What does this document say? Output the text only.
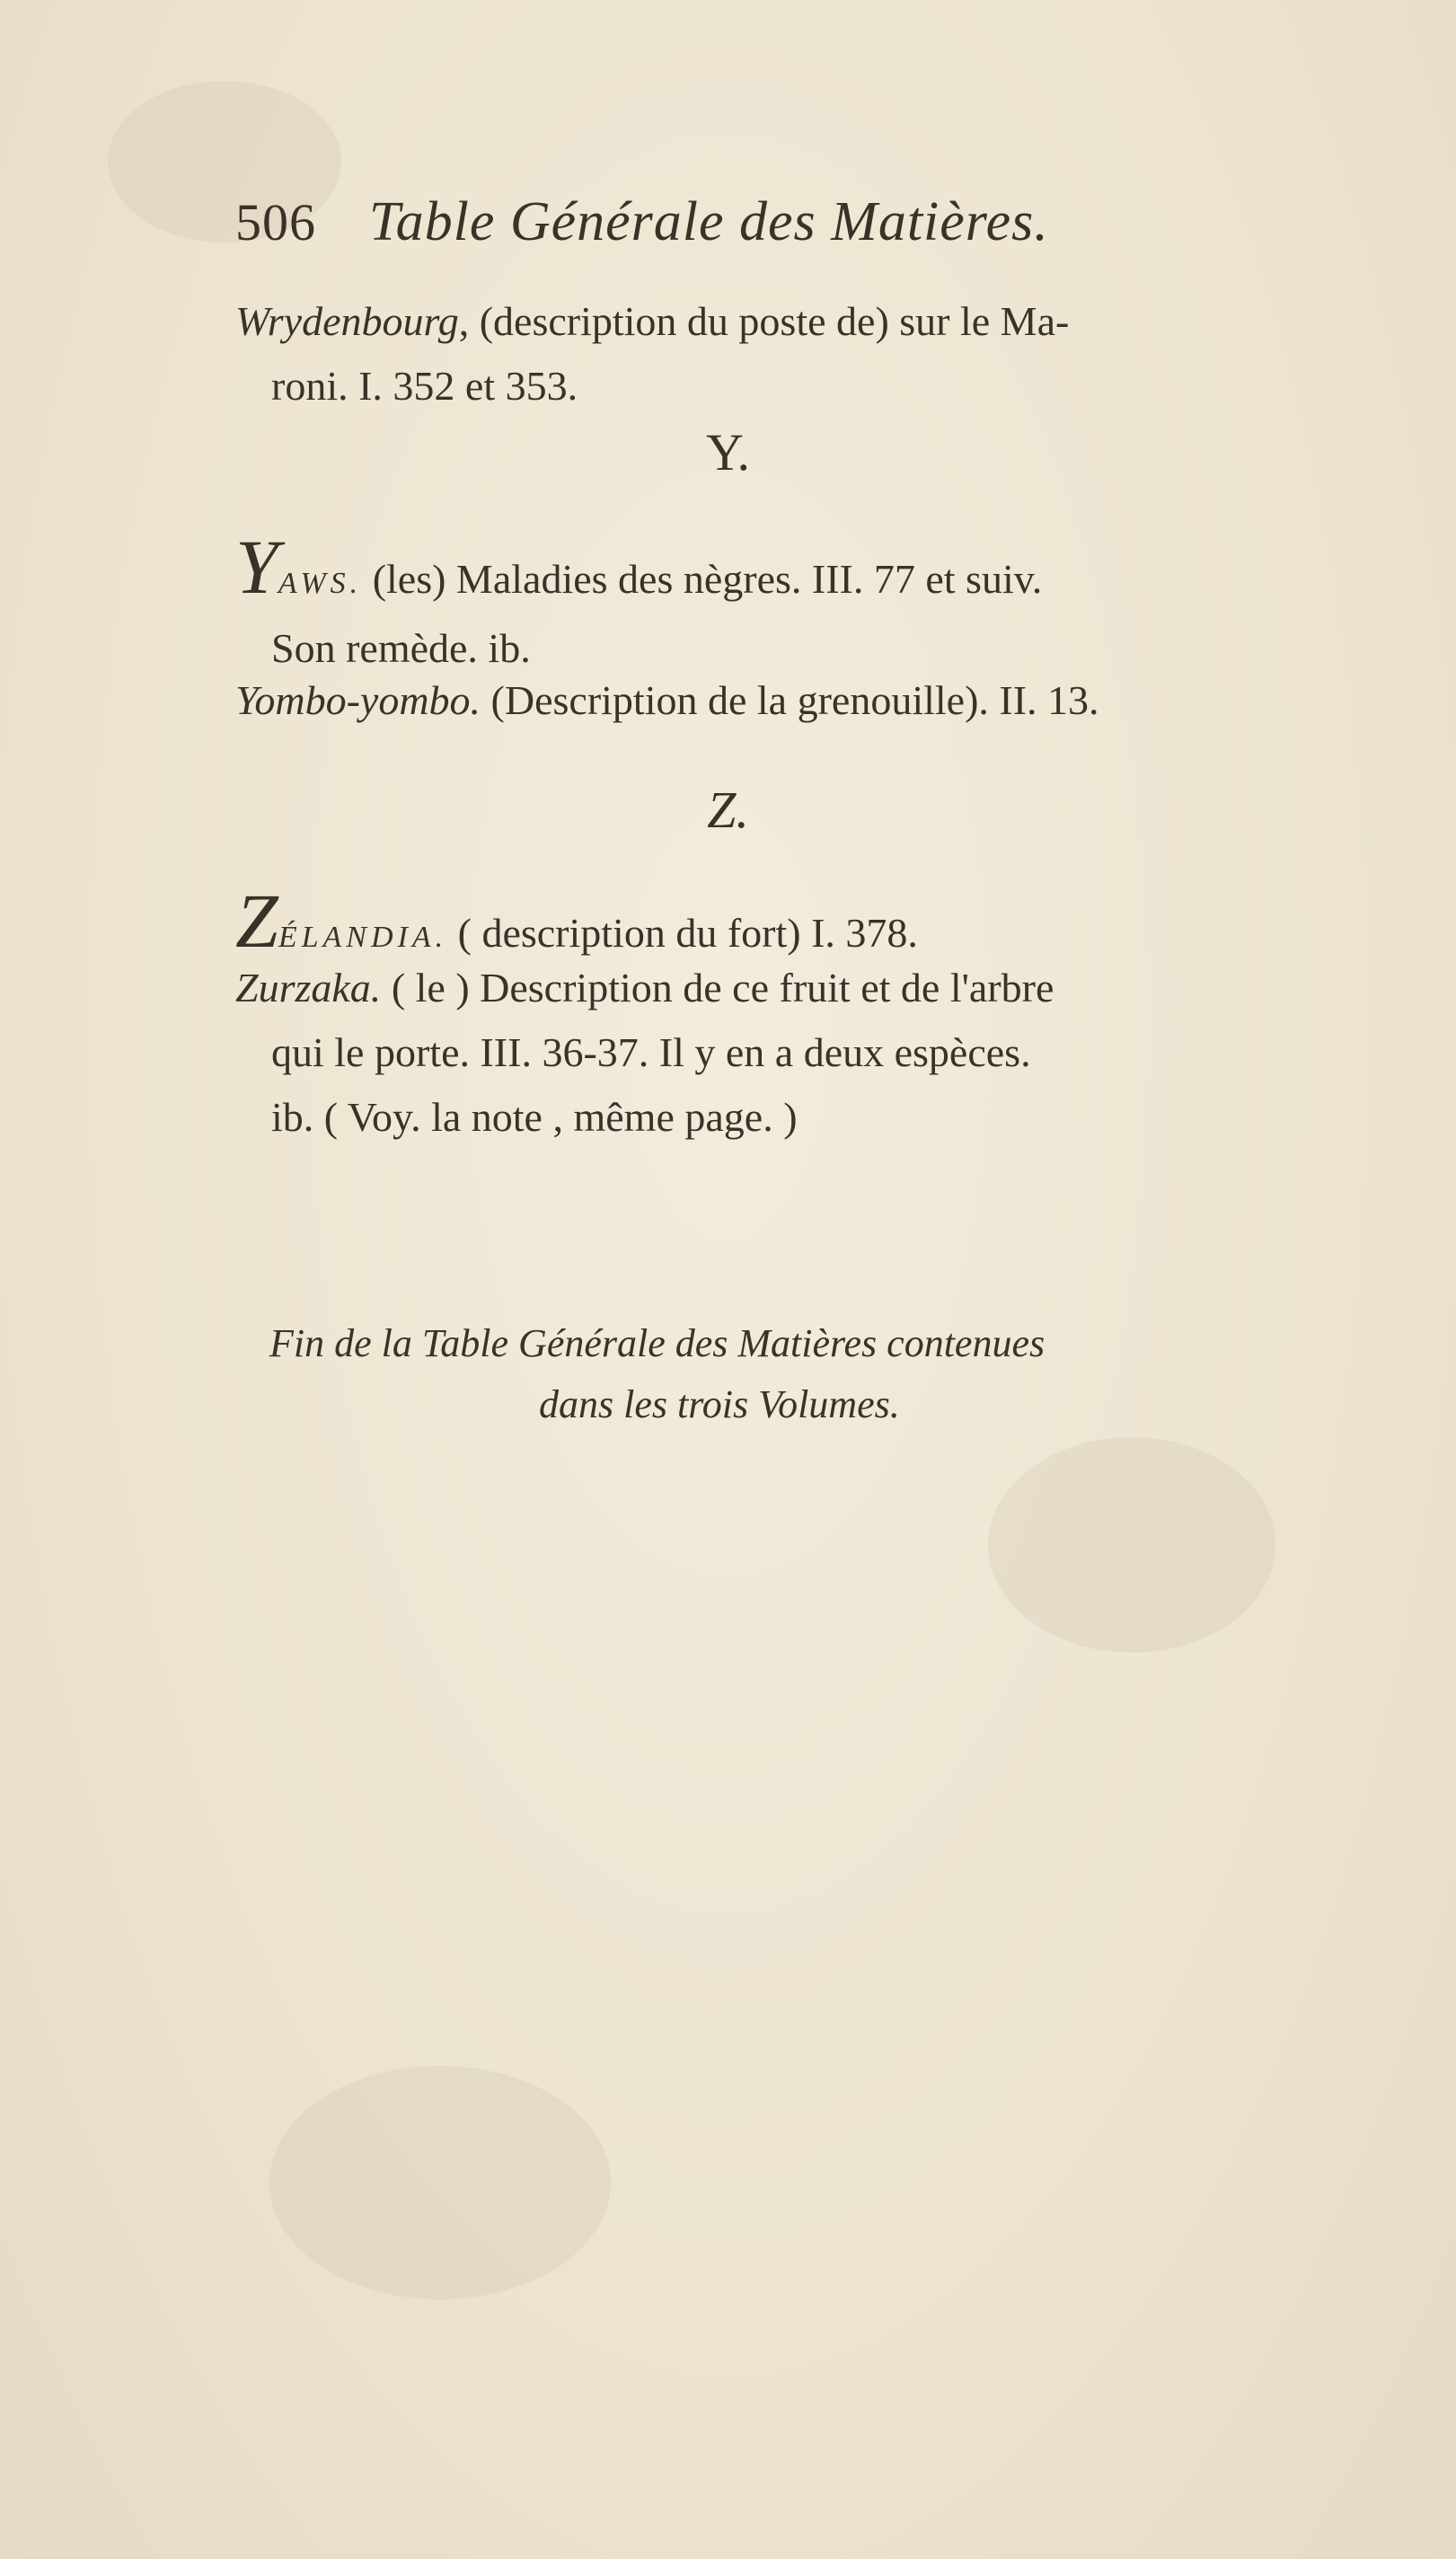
506 Table Générale des Matières.
Wrydenbourg, (description du poste de) sur le Ma-
roni. I. 352 et 353.
Y.
YAWS. (les) Maladies des nègres. III. 77 et suiv.
Son remède. ib.
Yombo-yombo. (Description de la grenouille). II. 13.
Z.
ZÉLANDIA. ( description du fort) I. 378.
Zurzaka. ( le ) Description de ce fruit et de l'arbre
qui le porte. III. 36-37. Il y en a deux espèces.
ib. ( Voy. la note , même page. )
Fin de la Table Générale des Matières contenues
dans les trois Volumes.
